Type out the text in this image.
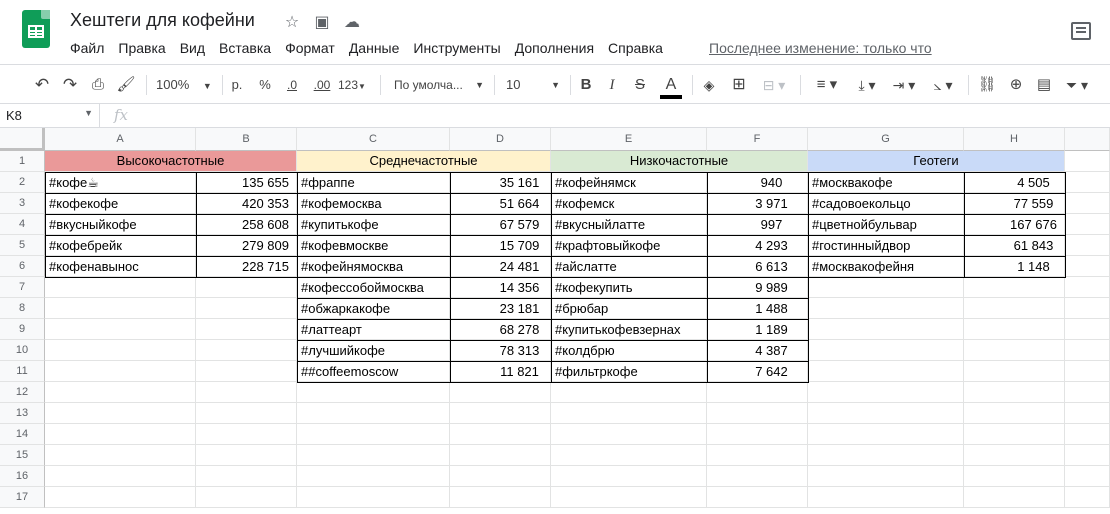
Хештеги для кофейни ☆ ▣ ☁
Файл	Правка	Вид	Вставка	Формат	Данные	Инструменты	Дополнения	Справка	Последнее изменение: только что
↶ ↷ ⎙ 🖌 100% ▼	р. %	.0	.00 123▼	По умолча... ▼ 10	▼ B	I	S	A	◈ ⊞	⊟ ▾	≡ ▾	⤓ ▾	⇥ ▾	⦣ ▾	⛓ ⊕ ▤ ⏷ ▾
K8	▼ fx
A	B	C	D	E	F	G	H
1
2
3
4
5
6
7
8
9
10
11
12
13
14
15
16
17
Высокочастотные	Среднечастотные	Низкочастотные	Геотеги
#кофе☕	135 655
#кофекофе	420 353
#вкусныйкофе	258 608
#кофебрейк	279 809
#кофенавынос	228 715
#фраппе	35 161
#кофемосква	51 664
#купитькофе	67 579
#кофевмоскве	15 709
#кофейнямосква	24 481
#кофессобоймосква	14 356
#обжаркакофе	23 181
#латтеарт	68 278
#лучшийкофе	78 313
##coffeemoscow	11 821
#кофейнямск	940
#кофемск	3 971
#вкусныйлатте	997
#крафтовыйкофе	4 293
#айслатте	6 613
#кофекупить	9 989
#брюбар	1 488
#купитькофевзернах	1 189
#колдбрю	4 387
#фильтркофе	7 642
#москвакофе	4 505
#садовоекольцо	77 559
#цветнойбульвар	167 676
#гостинныйдвор	61 843
#москвакофейня	1 148
